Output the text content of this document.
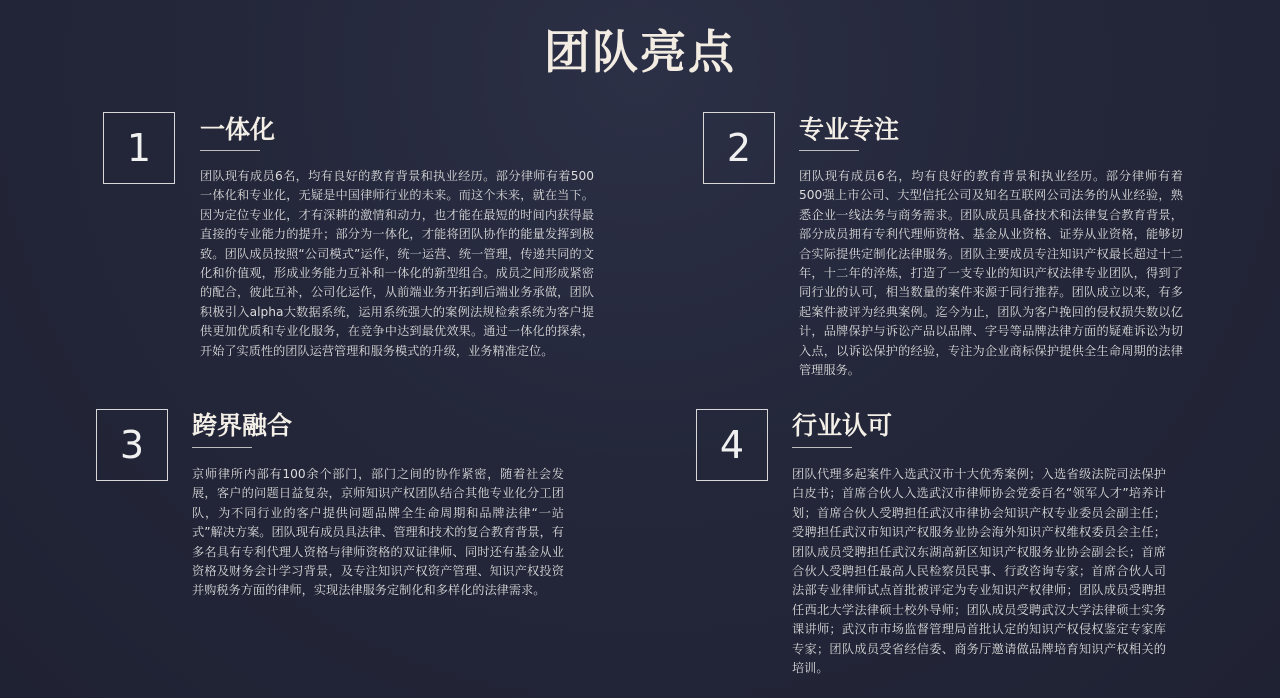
团队亮点
1	一体化
团队现有成员6名，均有良好的教育背景和执业经历。部分律师有着500一体化和专业化，无疑是中国律师行业的未来。而这个未来，就在当下。因为定位专业化，才有深耕的激情和动力，也才能在最短的时间内获得最直接的专业能力的提升；部分为一体化，才能将团队协作的能量发挥到极致。团队成员按照“公司模式”运作，统一运营、统一管理，传递共同的文化和价值观，形成业务能力互补和一体化的新型组合。成员之间形成紧密的配合，彼此互补，公司化运作，从前端业务开拓到后端业务承做，团队积极引入alpha大数据系统，运用系统强大的案例法规检索系统为客户提供更加优质和专业化服务，在竞争中达到最优效果。通过一体化的探索，开始了实质性的团队运营管理和服务模式的升级，业务精准定位。
2	专业专注
团队现有成员6名，均有良好的教育背景和执业经历。部分律师有着500强上市公司、大型信托公司及知名互联网公司法务的从业经验，熟悉企业一线法务与商务需求。团队成员具备技术和法律复合教育背景，部分成员拥有专利代理师资格、基金从业资格、证券从业资格，能够切合实际提供定制化法律服务。团队主要成员专注知识产权最长超过十二年，十二年的淬炼，打造了一支专业的知识产权法律专业团队，得到了同行业的认可，相当数量的案件来源于同行推荐。团队成立以来，有多起案件被评为经典案例。迄今为止，团队为客户挽回的侵权损失数以亿计，品牌保护与诉讼产品以品牌、字号等品牌法律方面的疑难诉讼为切入点，以诉讼保护的经验，专注为企业商标保护提供全生命周期的法律管理服务。
3	跨界融合
京师律所内部有100余个部门，部门之间的协作紧密，随着社会发展，客户的问题日益复杂，京师知识产权团队结合其他专业化分工团队，为不同行业的客户提供问题品牌全生命周期和品牌法律“一站式”解决方案。团队现有成员具法律、管理和技术的复合教育背景，有多名具有专利代理人资格与律师资格的双证律师、同时还有基金从业资格及财务会计学习背景，及专注知识产权资产管理、知识产权投资并购税务方面的律师，实现法律服务定制化和多样化的法律需求。
4	行业认可
团队代理多起案件入选武汉市十大优秀案例；入选省级法院司法保护白皮书；首席合伙人入选武汉市律师协会党委百名“领军人才”培养计划；首席合伙人受聘担任武汉市律协会知识产权专业委员会副主任；受聘担任武汉市知识产权服务业协会海外知识产权维权委员会主任；团队成员受聘担任武汉东湖高新区知识产权服务业协会副会长；首席合伙人受聘担任最高人民检察员民事、行政咨询专家；首席合伙人司法部专业律师试点首批被评定为专业知识产权律师；团队成员受聘担任西北大学法律硕士校外导师；团队成员受聘武汉大学法律硕士实务课讲师；武汉市市场监督管理局首批认定的知识产权侵权鉴定专家库专家；团队成员受省经信委、商务厅邀请做品牌培育知识产权相关的培训。
